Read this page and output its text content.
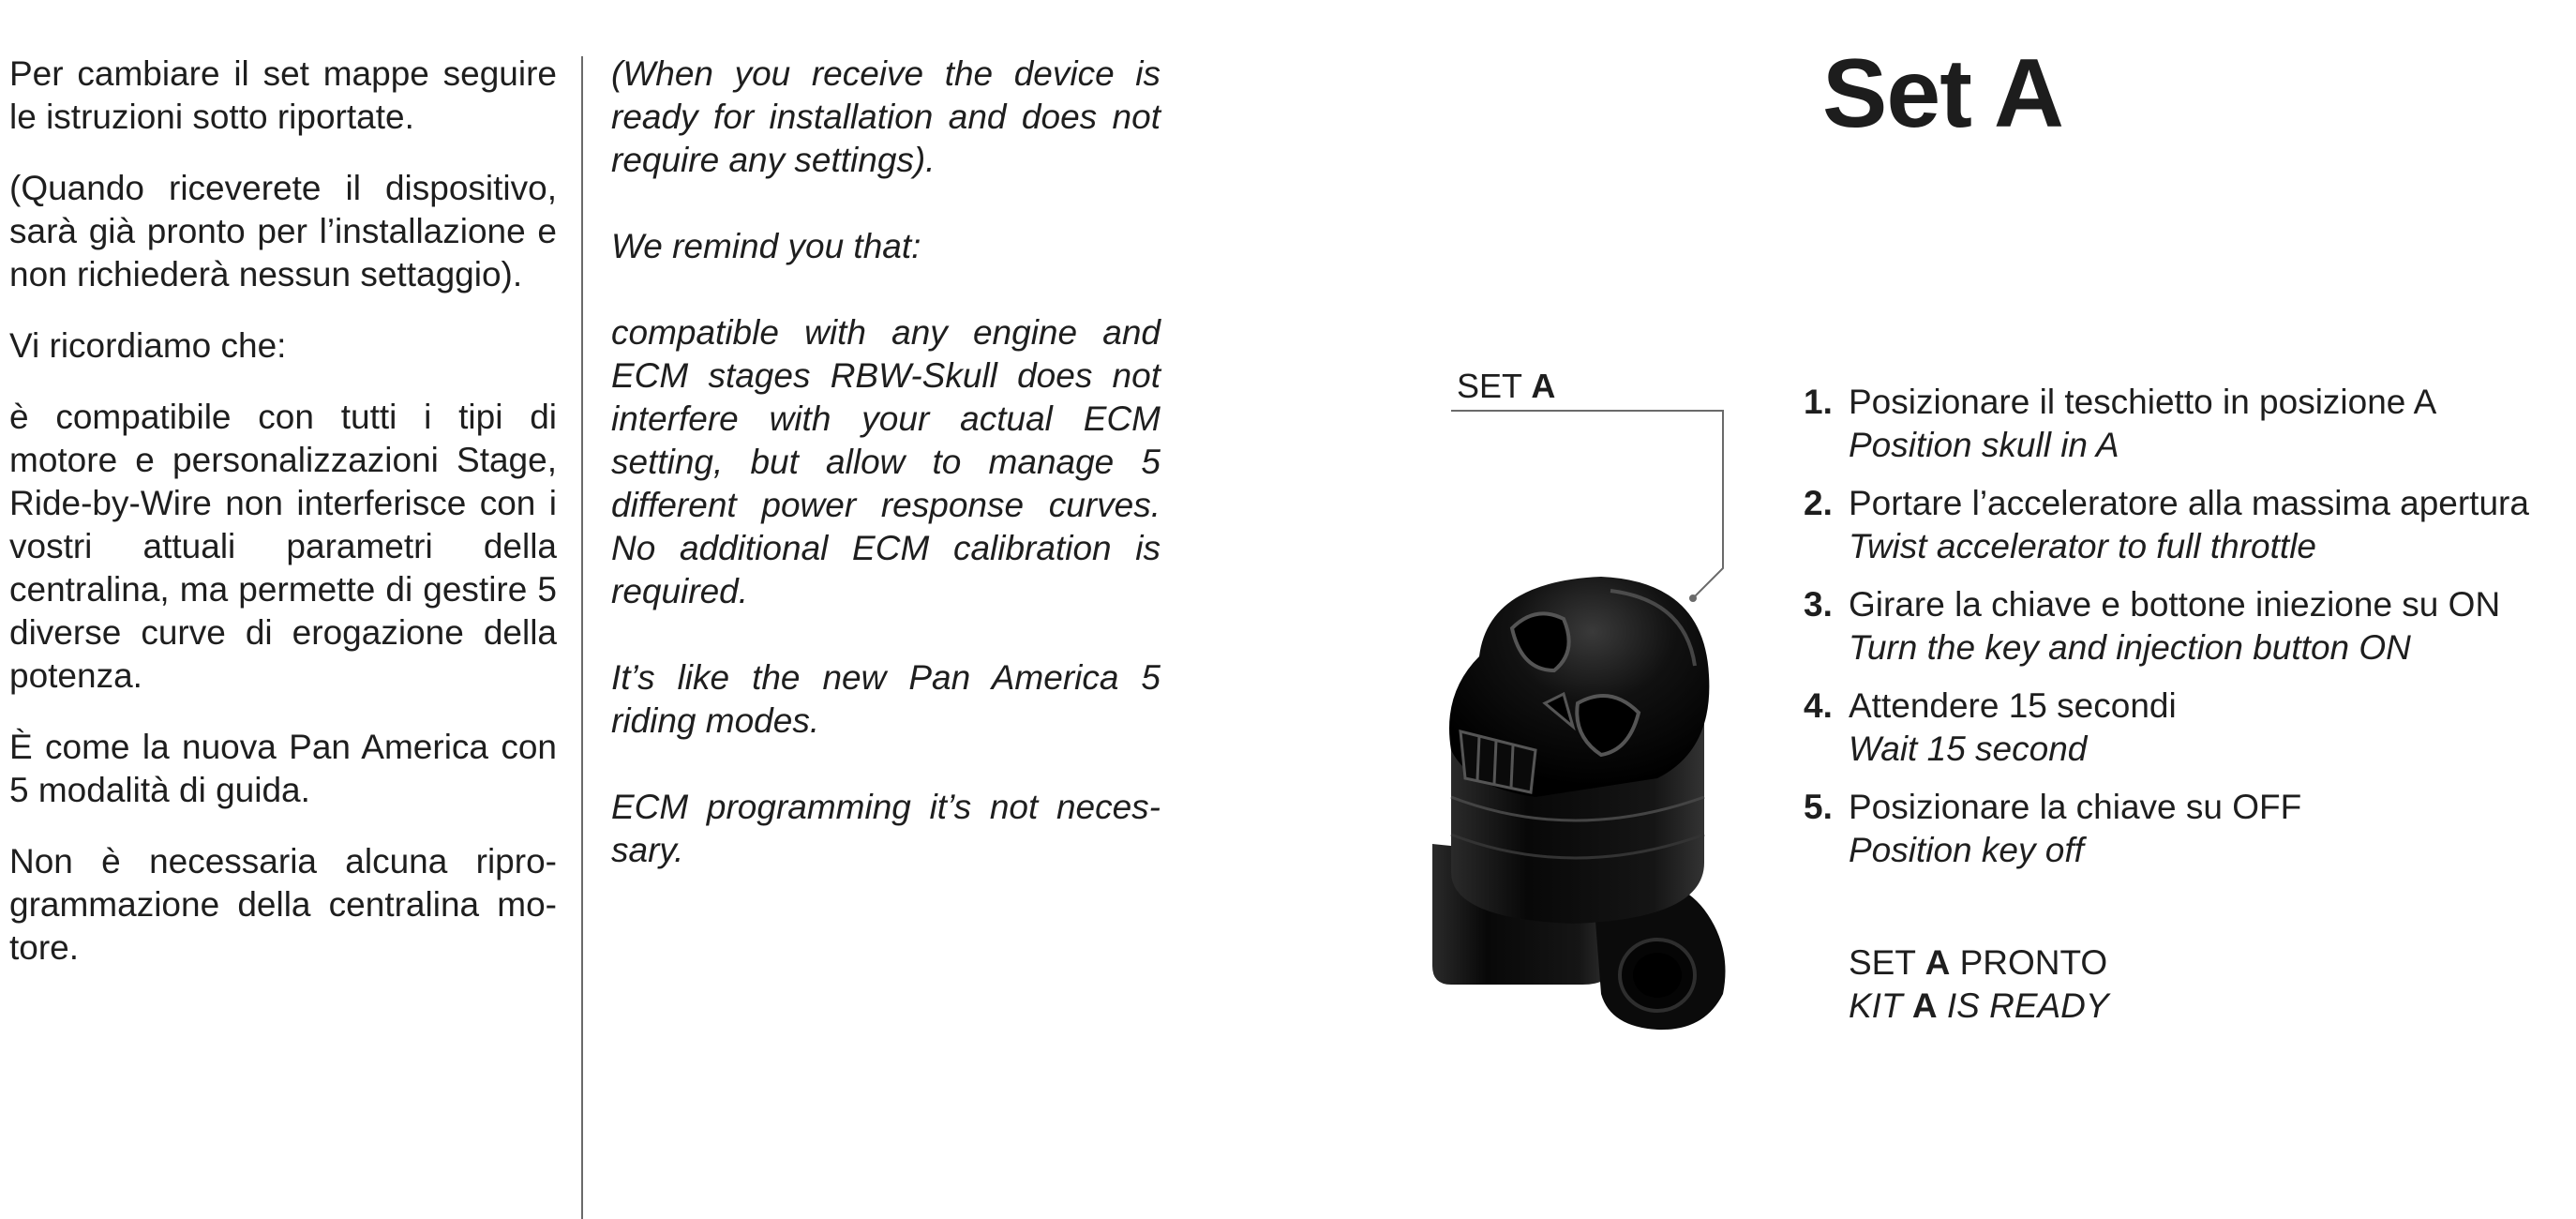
Per cambiare il set mappe seguire le istruzioni sotto riportate.

(Quando riceverete il dispositivo, sarà già pronto per l’installazione e non richiederà nessun settaggio).

Vi ricordiamo che:

è compatibile con tutti i tipi di motore e personalizzazioni Stage, Ride-by-Wire non interferisce con i vostri attuali parametri della centralina, ma permette di gestire 5 diverse curve di erogazione della potenza.

È come la nuova Pan America con 5 modalità di guida.

Non è necessaria alcuna riprogrammazione della centralina motore.

(When you receive the device is ready for installation and does not require any settings).

We remind you that:

compatible with any engine and ECM stages RBW-Skull does not interfere with your actual ECM setting, but allow to manage 5 different power response curves. No additional ECM calibration is required.

It’s like the new Pan America 5 riding modes.

ECM programming it’s not necessary.

Set A
SET A	1. Posizionare il teschietto in posizione A
Position skull in A
2. Portare l’acceleratore alla massima apertura
Twist accelerator to full throttle
3. Girare la chiave e bottone iniezione su ON
Turn the key and injection button ON
4. Attendere 15 secondi
Wait 15 second
5. Posizionare la chiave su OFF
Position key off
SET A PRONTO
KIT A IS READY
